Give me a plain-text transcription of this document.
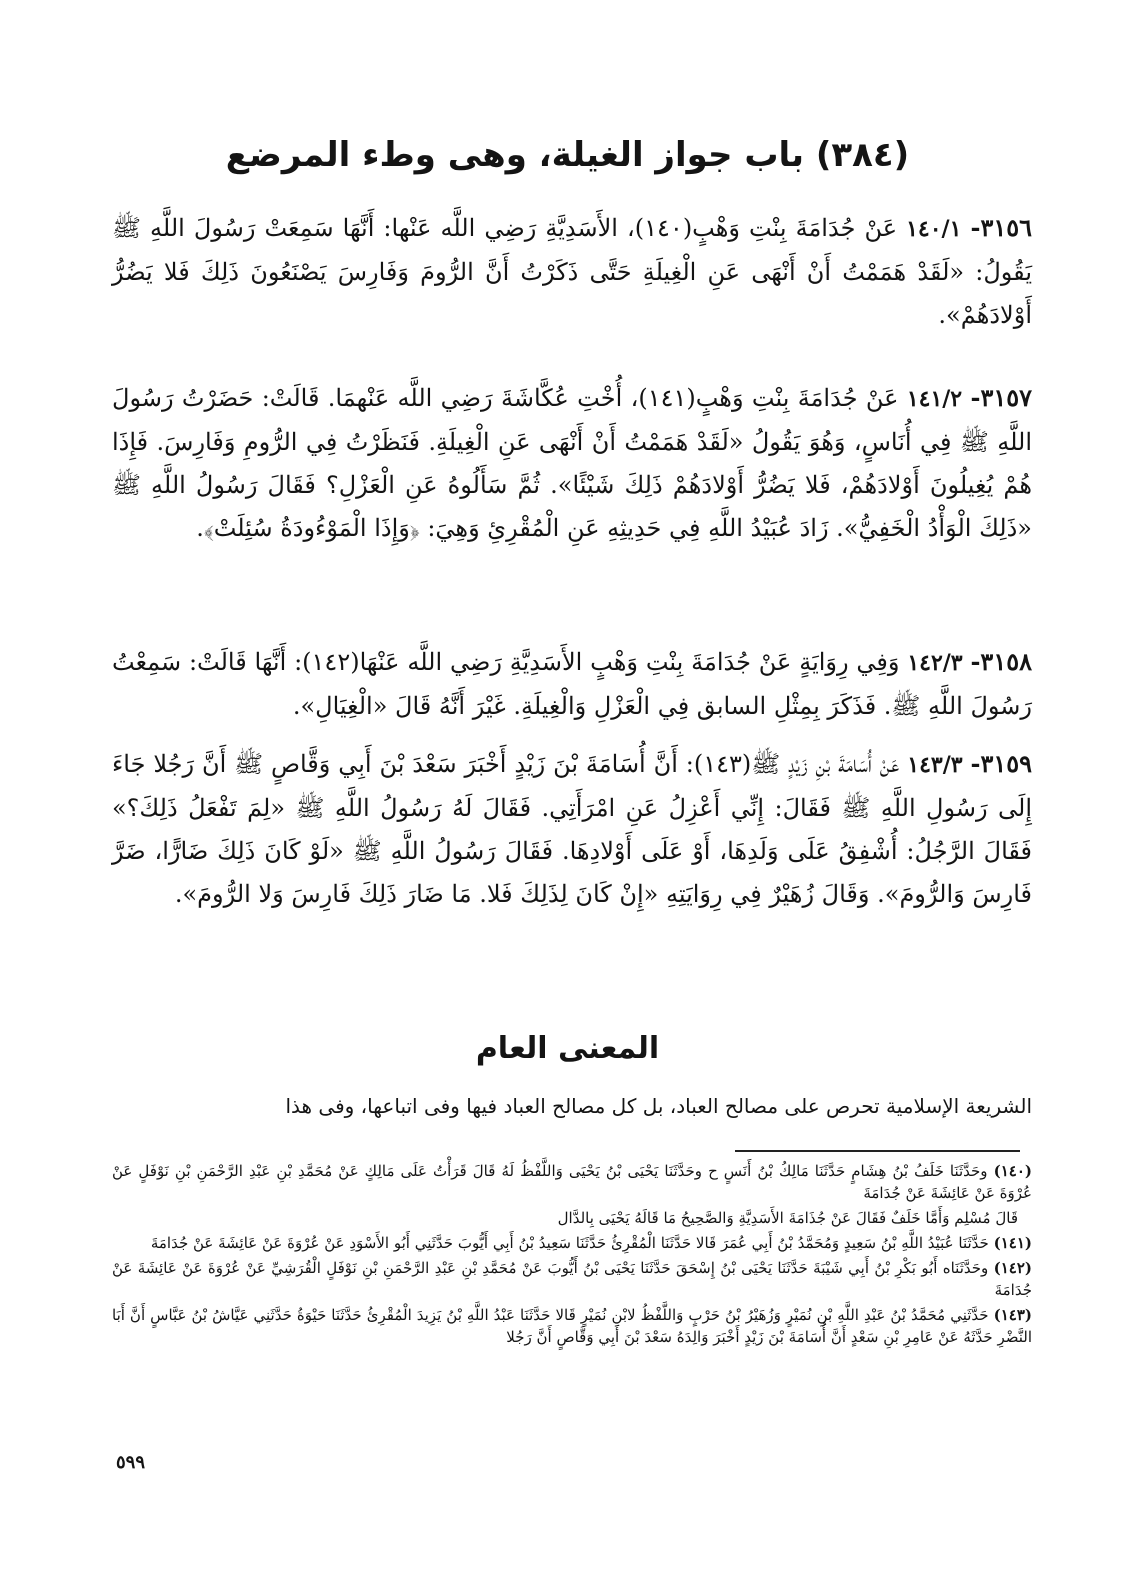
(٣٨٤) باب جواز الغيلة، وهى وطء المرضع

٣١٥٦- ١٤٠/١ عَنْ جُدَامَةَ بِنْتِ وَهْبٍ(١٤٠)، الأَسَدِيَّةِ رَضِي اللَّه عَنْها: أَنَّهَا سَمِعَتْ رَسُولَ اللَّهِ ﷺ يَقُولُ: «لَقَدْ هَمَمْتُ أَنْ أَنْهَى عَنِ الْغِيلَةِ حَتَّى ذَكَرْتُ أَنَّ الرُّومَ وَفَارِسَ يَصْنَعُونَ ذَلِكَ فَلا يَضُرُّ أَوْلادَهُمْ».

٣١٥٧- ١٤١/٢ عَنْ جُدَامَةَ بِنْتِ وَهْبٍ(١٤١)، أُخْتِ عُكَّاشَةَ رَضِي اللَّه عَنْهمَا. قَالَتْ: حَضَرْتُ رَسُولَ اللَّهِ ﷺ فِي أُنَاسٍ، وَهُوَ يَقُولُ «لَقَدْ هَمَمْتُ أَنْ أَنْهَى عَنِ الْغِيلَةِ. فَنَظَرْتُ فِي الرُّومِ وَفَارِسَ. فَإِذَا هُمْ يُغِيلُونَ أَوْلادَهُمْ، فَلا يَضُرُّ أَوْلادَهُمْ ذَلِكَ شَيْئًا». ثُمَّ سَأَلُوهُ عَنِ الْعَزْلِ؟ فَقَالَ رَسُولُ اللَّهِ ﷺ «ذَلِكَ الْوَأْدُ الْخَفِيُّ». زَادَ عُبَيْدُ اللَّهِ فِي حَدِيثِهِ عَنِ الْمُقْرِئِ وَهِيَ: ﴿وَإِذَا الْمَوْءُودَةُ سُئِلَتْ﴾.

٣١٥٨- ١٤٢/٣ وَفِي رِوَايَةٍ عَنْ جُدَامَةَ بِنْتِ وَهْبٍ الأَسَدِيَّةِ رَضِي اللَّه عَنْهَا(١٤٢): أَنَّهَا قَالَتْ: سَمِعْتُ رَسُولَ اللَّهِ ﷺ. فَذَكَرَ بِمِثْلِ السابق فِي الْعَزْلِ وَالْغِيلَةِ. غَيْرَ أَنَّهُ قَالَ «الْغِيَالِ».

٣١٥٩- ١٤٣/٣ عَنْ أُسَامَةَ بْنِ زَيْدٍ ﷺ(١٤٣): أَنَّ أُسَامَةَ بْنَ زَيْدٍ أَخْبَرَ سَعْدَ بْنَ أَبِي وَقَّاصٍ ﷺ أَنَّ رَجُلا جَاءَ إِلَى رَسُولِ اللَّهِ ﷺ فَقَالَ: إِنِّي أَعْزِلُ عَنِ امْرَأَتِي. فَقَالَ لَهُ رَسُولُ اللَّهِ ﷺ «لِمَ تَفْعَلُ ذَلِكَ؟» فَقَالَ الرَّجُلُ: أُشْفِقُ عَلَى وَلَدِهَا، أَوْ عَلَى أَوْلادِهَا. فَقَالَ رَسُولُ اللَّهِ ﷺ «لَوْ كَانَ ذَلِكَ ضَارًّا، ضَرَّ فَارِسَ وَالرُّومَ». وَقَالَ زُهَيْرٌ فِي رِوَايَتِهِ «إِنْ كَانَ لِذَلِكَ فَلا. مَا ضَارَ ذَلِكَ فَارِسَ وَلا الرُّومَ».

المعنى العام

الشريعة الإسلامية تحرص على مصالح العباد، بل كل مصالح العباد فيها وفى اتباعها، وفى هذا

(١٤٠) وحَدَّثَنَا خَلَفُ بْنُ هِشَامٍ حَدَّثَنَا مَالِكُ بْنُ أَنَسٍ ح وحَدَّثَنَا يَحْيَى بْنُ يَحْيَى وَاللَّفْظُ لَهُ قَالَ قَرَأْتُ عَلَى مَالِكٍ عَنْ مُحَمَّدِ بْنِ عَبْدِ الرَّحْمَنِ بْنِ نَوْفَلٍ عَنْ عُرْوَةَ عَنْ عَائِشَةَ عَنْ جُدَامَةَ

قَالَ مُسْلِم وَأَمَّا خَلَفٌ فَقَالَ عَنْ جُذَامَةَ الأَسَدِيَّةِ وَالصَّحِيحُ مَا قَالَهُ يَحْيَى بِالدَّال

(١٤١) حَدَّثَنَا عُبَيْدُ اللَّهِ بْنُ سَعِيدٍ وَمُحَمَّدُ بْنُ أَبِي عُمَرَ قَالا حَدَّثَنَا الْمُقْرِئُ حَدَّثَنَا سَعِيدُ بْنُ أَبِي أَيُّوبَ حَدَّثَنِي أَبُو الأَسْوَدِ عَنْ عُرْوَةَ عَنْ عَائِشَةَ عَنْ جُدَامَةَ

(١٤٢) وحَدَّثَنَاه أَبُو بَكْرِ بْنُ أَبِي شَيْبَةَ حَدَّثَنَا يَحْيَى بْنُ إِسْحَقَ حَدَّثَنَا يَحْيَى بْنُ أَيُّوبَ عَنْ مُحَمَّدِ بْنِ عَبْدِ الرَّحْمَنِ بْنِ نَوْفَلٍ الْقُرَشِيِّ عَنْ عُرْوَةَ عَنْ عَائِشَةَ عَنْ جُدَامَةَ

(١٤٣) حَدَّثَنِي مُحَمَّدُ بْنُ عَبْدِ اللَّهِ بْنِ نُمَيْرٍ وَزُهَيْرُ بْنُ حَرْبٍ وَاللَّفْظُ لابْنِ نُمَيْرٍ قَالا حَدَّثَنَا عَبْدُ اللَّهِ بْنُ يَزِيدَ الْمُقْرِئُ حَدَّثَنَا حَيْوَةُ حَدَّثَنِي عَيَّاشُ بْنُ عَبَّاسٍ أَنَّ أَبَا النَّضْرِ حَدَّثَهُ عَنْ عَامِرِ بْنِ سَعْدٍ أَنَّ أُسَامَةَ بْنَ زَيْدٍ أَخْبَرَ وَالِدَهُ سَعْدَ بْنَ أَبِي وَقَّاصٍ أَنَّ رَجُلا

٥٩٩
